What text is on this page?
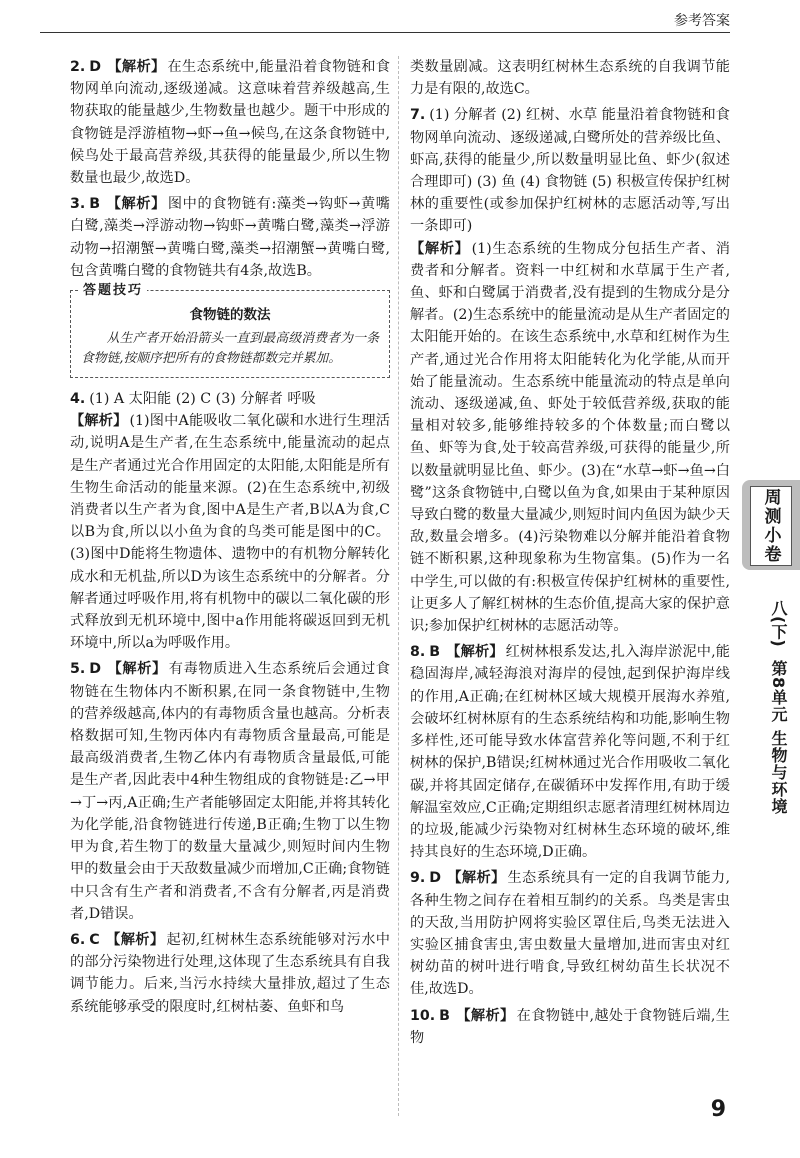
参考答案
2. D 【解析】 在生态系统中,能量沿着食物链和食物网单向流动,逐级递减。这意味着营养级越高,生物获取的能量越少,生物数量也越少。题干中形成的食物链是浮游植物→虾→鱼→候鸟,在这条食物链中,候鸟处于最高营养级,其获得的能量最少,所以生物数量也最少,故选D。
3. B 【解析】 图中的食物链有:藻类→钩虾→黄嘴白鹭,藻类→浮游动物→钩虾→黄嘴白鹭,藻类→浮游动物→招潮蟹→黄嘴白鹭,藻类→招潮蟹→黄嘴白鹭,包含黄嘴白鹭的食物链共有4条,故选B。
答题技巧
食物链的数法
从生产者开始沿箭头一直到最高级消费者为一条食物链,按顺序把所有的食物链都数完并累加。
4. (1) A 太阳能 (2) C (3) 分解者 呼吸
【解析】 (1)图中A能吸收二氧化碳和水进行生理活动,说明A是生产者,在生态系统中,能量流动的起点是生产者通过光合作用固定的太阳能,太阳能是所有生物生命活动的能量来源。(2)在生态系统中,初级消费者以生产者为食,图中A是生产者,B以A为食,C以B为食,所以以小鱼为食的鸟类可能是图中的C。(3)图中D能将生物遗体、遗物中的有机物分解转化成水和无机盐,所以D为该生态系统中的分解者。分解者通过呼吸作用,将有机物中的碳以二氧化碳的形式释放到无机环境中,图中a作用能将碳返回到无机环境中,所以a为呼吸作用。
5. D 【解析】 有毒物质进入生态系统后会通过食物链在生物体内不断积累,在同一条食物链中,生物的营养级越高,体内的有毒物质含量也越高。分析表格数据可知,生物丙体内有毒物质含量最高,可能是最高级消费者,生物乙体内有毒物质含量最低,可能是生产者,因此表中4种生物组成的食物链是:乙→甲→丁→丙,A正确;生产者能够固定太阳能,并将其转化为化学能,沿食物链进行传递,B正确;生物丁以生物甲为食,若生物丁的数量大量减少,则短时间内生物甲的数量会由于天敌数量减少而增加,C正确;食物链中只含有生产者和消费者,不含有分解者,丙是消费者,D错误。
6. C 【解析】 起初,红树林生态系统能够对污水中的部分污染物进行处理,这体现了生态系统具有自我调节能力。后来,当污水持续大量排放,超过了生态系统能够承受的限度时,红树枯萎、鱼虾和鸟
类数量剧减。这表明红树林生态系统的自我调节能力是有限的,故选C。
7. (1) 分解者 (2) 红树、水草 能量沿着食物链和食物网单向流动、逐级递减,白鹭所处的营养级比鱼、虾高,获得的能量少,所以数量明显比鱼、虾少(叙述合理即可) (3) 鱼 (4) 食物链 (5) 积极宣传保护红树林的重要性(或参加保护红树林的志愿活动等,写出一条即可)
【解析】 (1)生态系统的生物成分包括生产者、消费者和分解者。资料一中红树和水草属于生产者,鱼、虾和白鹭属于消费者,没有提到的生物成分是分解者。(2)生态系统中的能量流动是从生产者固定的太阳能开始的。在该生态系统中,水草和红树作为生产者,通过光合作用将太阳能转化为化学能,从而开始了能量流动。生态系统中能量流动的特点是单向流动、逐级递减,鱼、虾处于较低营养级,获取的能量相对较多,能够维持较多的个体数量;而白鹭以鱼、虾等为食,处于较高营养级,可获得的能量少,所以数量就明显比鱼、虾少。(3)在“水草→虾→鱼→白鹭”这条食物链中,白鹭以鱼为食,如果由于某种原因导致白鹭的数量大量减少,则短时间内鱼因为缺少天敌,数量会增多。(4)污染物难以分解并能沿着食物链不断积累,这种现象称为生物富集。(5)作为一名中学生,可以做的有:积极宣传保护红树林的重要性,让更多人了解红树林的生态价值,提高大家的保护意识;参加保护红树林的志愿活动等。
8. B 【解析】 红树林根系发达,扎入海岸淤泥中,能稳固海岸,减轻海浪对海岸的侵蚀,起到保护海岸线的作用,A正确;在红树林区域大规模开展海水养殖,会破坏红树林原有的生态系统结构和功能,影响生物多样性,还可能导致水体富营养化等问题,不利于红树林的保护,B错误;红树林通过光合作用吸收二氧化碳,并将其固定储存,在碳循环中发挥作用,有助于缓解温室效应,C正确;定期组织志愿者清理红树林周边的垃圾,能减少污染物对红树林生态环境的破坏,维持其良好的生态环境,D正确。
9. D 【解析】 生态系统具有一定的自我调节能力,各种生物之间存在着相互制约的关系。鸟类是害虫的天敌,当用防护网将实验区罩住后,鸟类无法进入实验区捕食害虫,害虫数量大量增加,进而害虫对红树幼苗的树叶进行啃食,导致红树幼苗生长状况不佳,故选D。
10. B 【解析】 在食物链中,越处于食物链后端,生物
周测小卷
八(下)
第8单元 生物与环境
9
